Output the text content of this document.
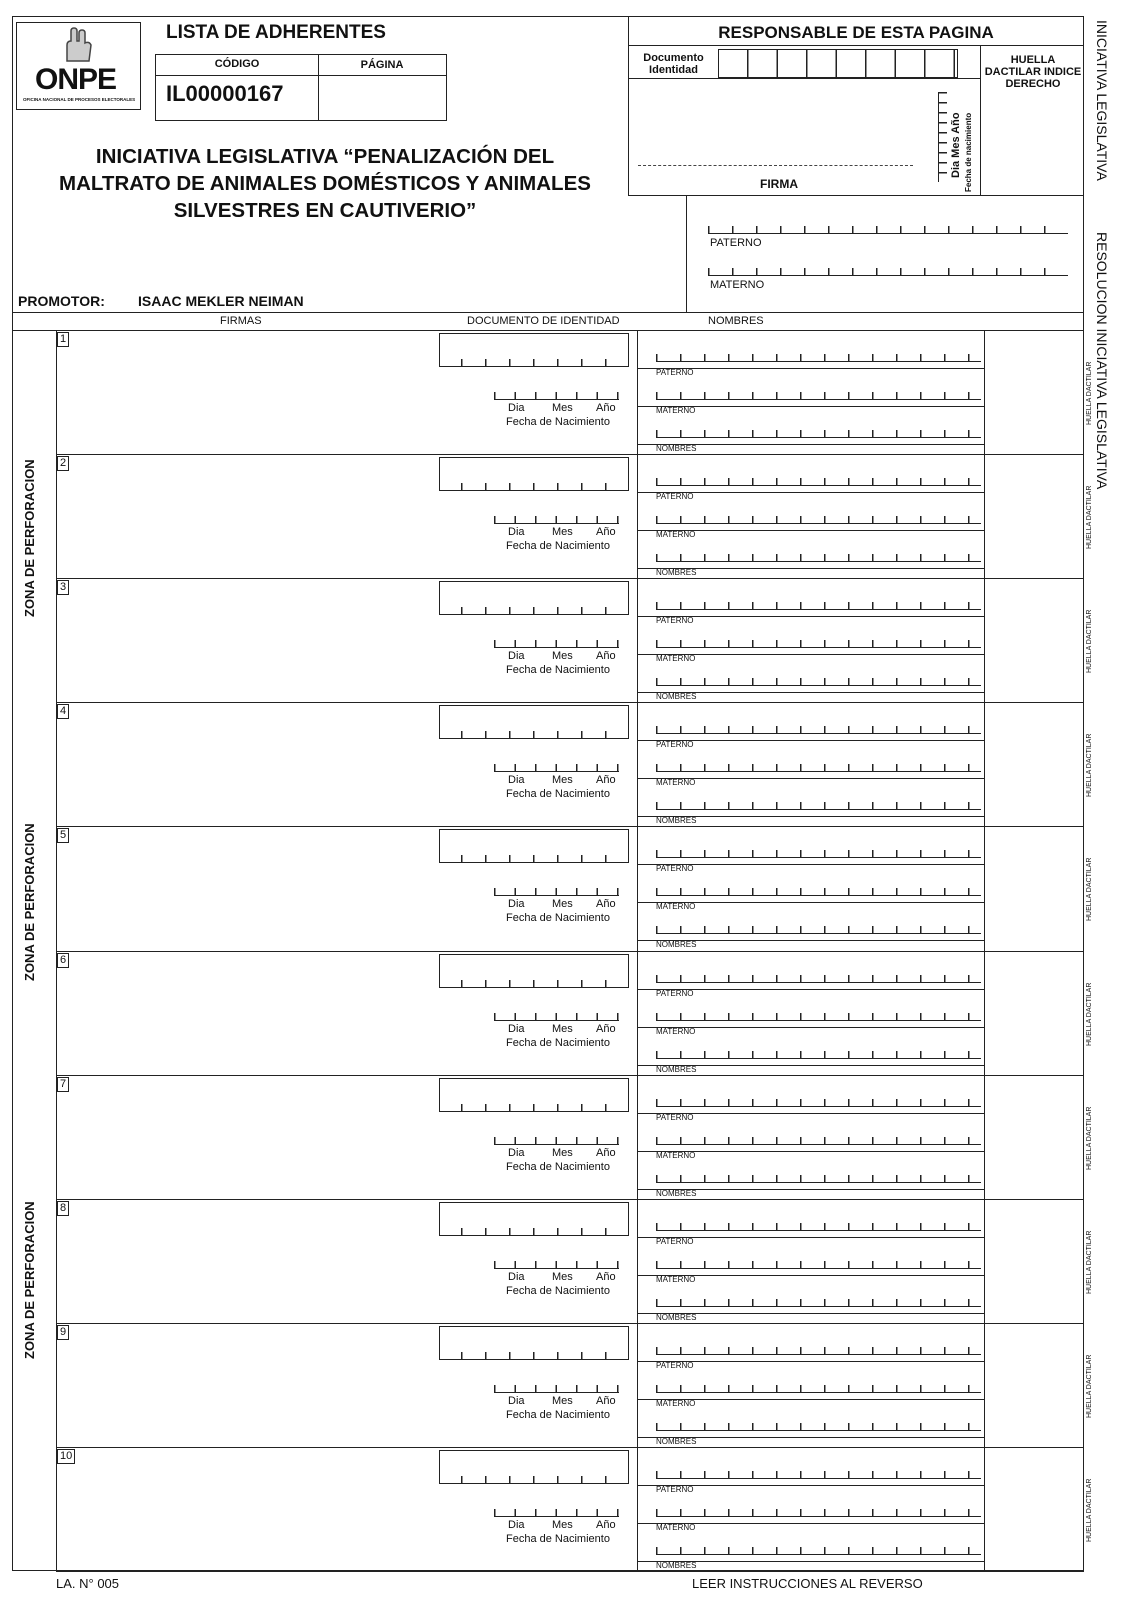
ONPE
OFICINA NACIONAL DE PROCESOS ELECTORALES
LISTA DE ADHERENTES
CÓDIGO	PÁGINA
IL00000167
INICIATIVA LEGISLATIVA “PENALIZACIÓN DEL MALTRATO DE ANIMALES DOMÉSTICOS Y ANIMALES SILVESTRES EN CAUTIVERIO”
PROMOTOR: ISAAC MEKLER NEIMAN
RESPONSABLE DE ESTA PAGINA
Documento Identidad
HUELLA DACTILAR INDICE DERECHO
FIRMA
Dia Mes Año Fecha de nacimiento
PATERNO
MATERNO
FIRMAS	DOCUMENTO DE IDENTIDAD	NOMBRES
ZONA DE PERFORACION
ZONA DE PERFORACION
ZONA DE PERFORACION
INICIATIVA LEGISLATIVA
RESOLUCION INICIATIVA LEGISLATIVA
1
Dia Mes Año
Fecha de Nacimiento
PATERNO
MATERNO
NOMBRES
HUELLA DACTILAR
2
Dia Mes Año
Fecha de Nacimiento
PATERNO
MATERNO
NOMBRES
HUELLA DACTILAR
3
Dia Mes Año
Fecha de Nacimiento
PATERNO
MATERNO
NOMBRES
HUELLA DACTILAR
4
Dia Mes Año
Fecha de Nacimiento
PATERNO
MATERNO
NOMBRES
HUELLA DACTILAR
5
Dia Mes Año
Fecha de Nacimiento
PATERNO
MATERNO
NOMBRES
HUELLA DACTILAR
6
Dia Mes Año
Fecha de Nacimiento
PATERNO
MATERNO
NOMBRES
HUELLA DACTILAR
7
Dia Mes Año
Fecha de Nacimiento
PATERNO
MATERNO
NOMBRES
HUELLA DACTILAR
8
Dia Mes Año
Fecha de Nacimiento
PATERNO
MATERNO
NOMBRES
HUELLA DACTILAR
9
Dia Mes Año
Fecha de Nacimiento
PATERNO
MATERNO
NOMBRES
HUELLA DACTILAR
10
Dia Mes Año
Fecha de Nacimiento
PATERNO
MATERNO
NOMBRES
HUELLA DACTILAR
LA. N° 005	LEER INSTRUCCIONES AL REVERSO
